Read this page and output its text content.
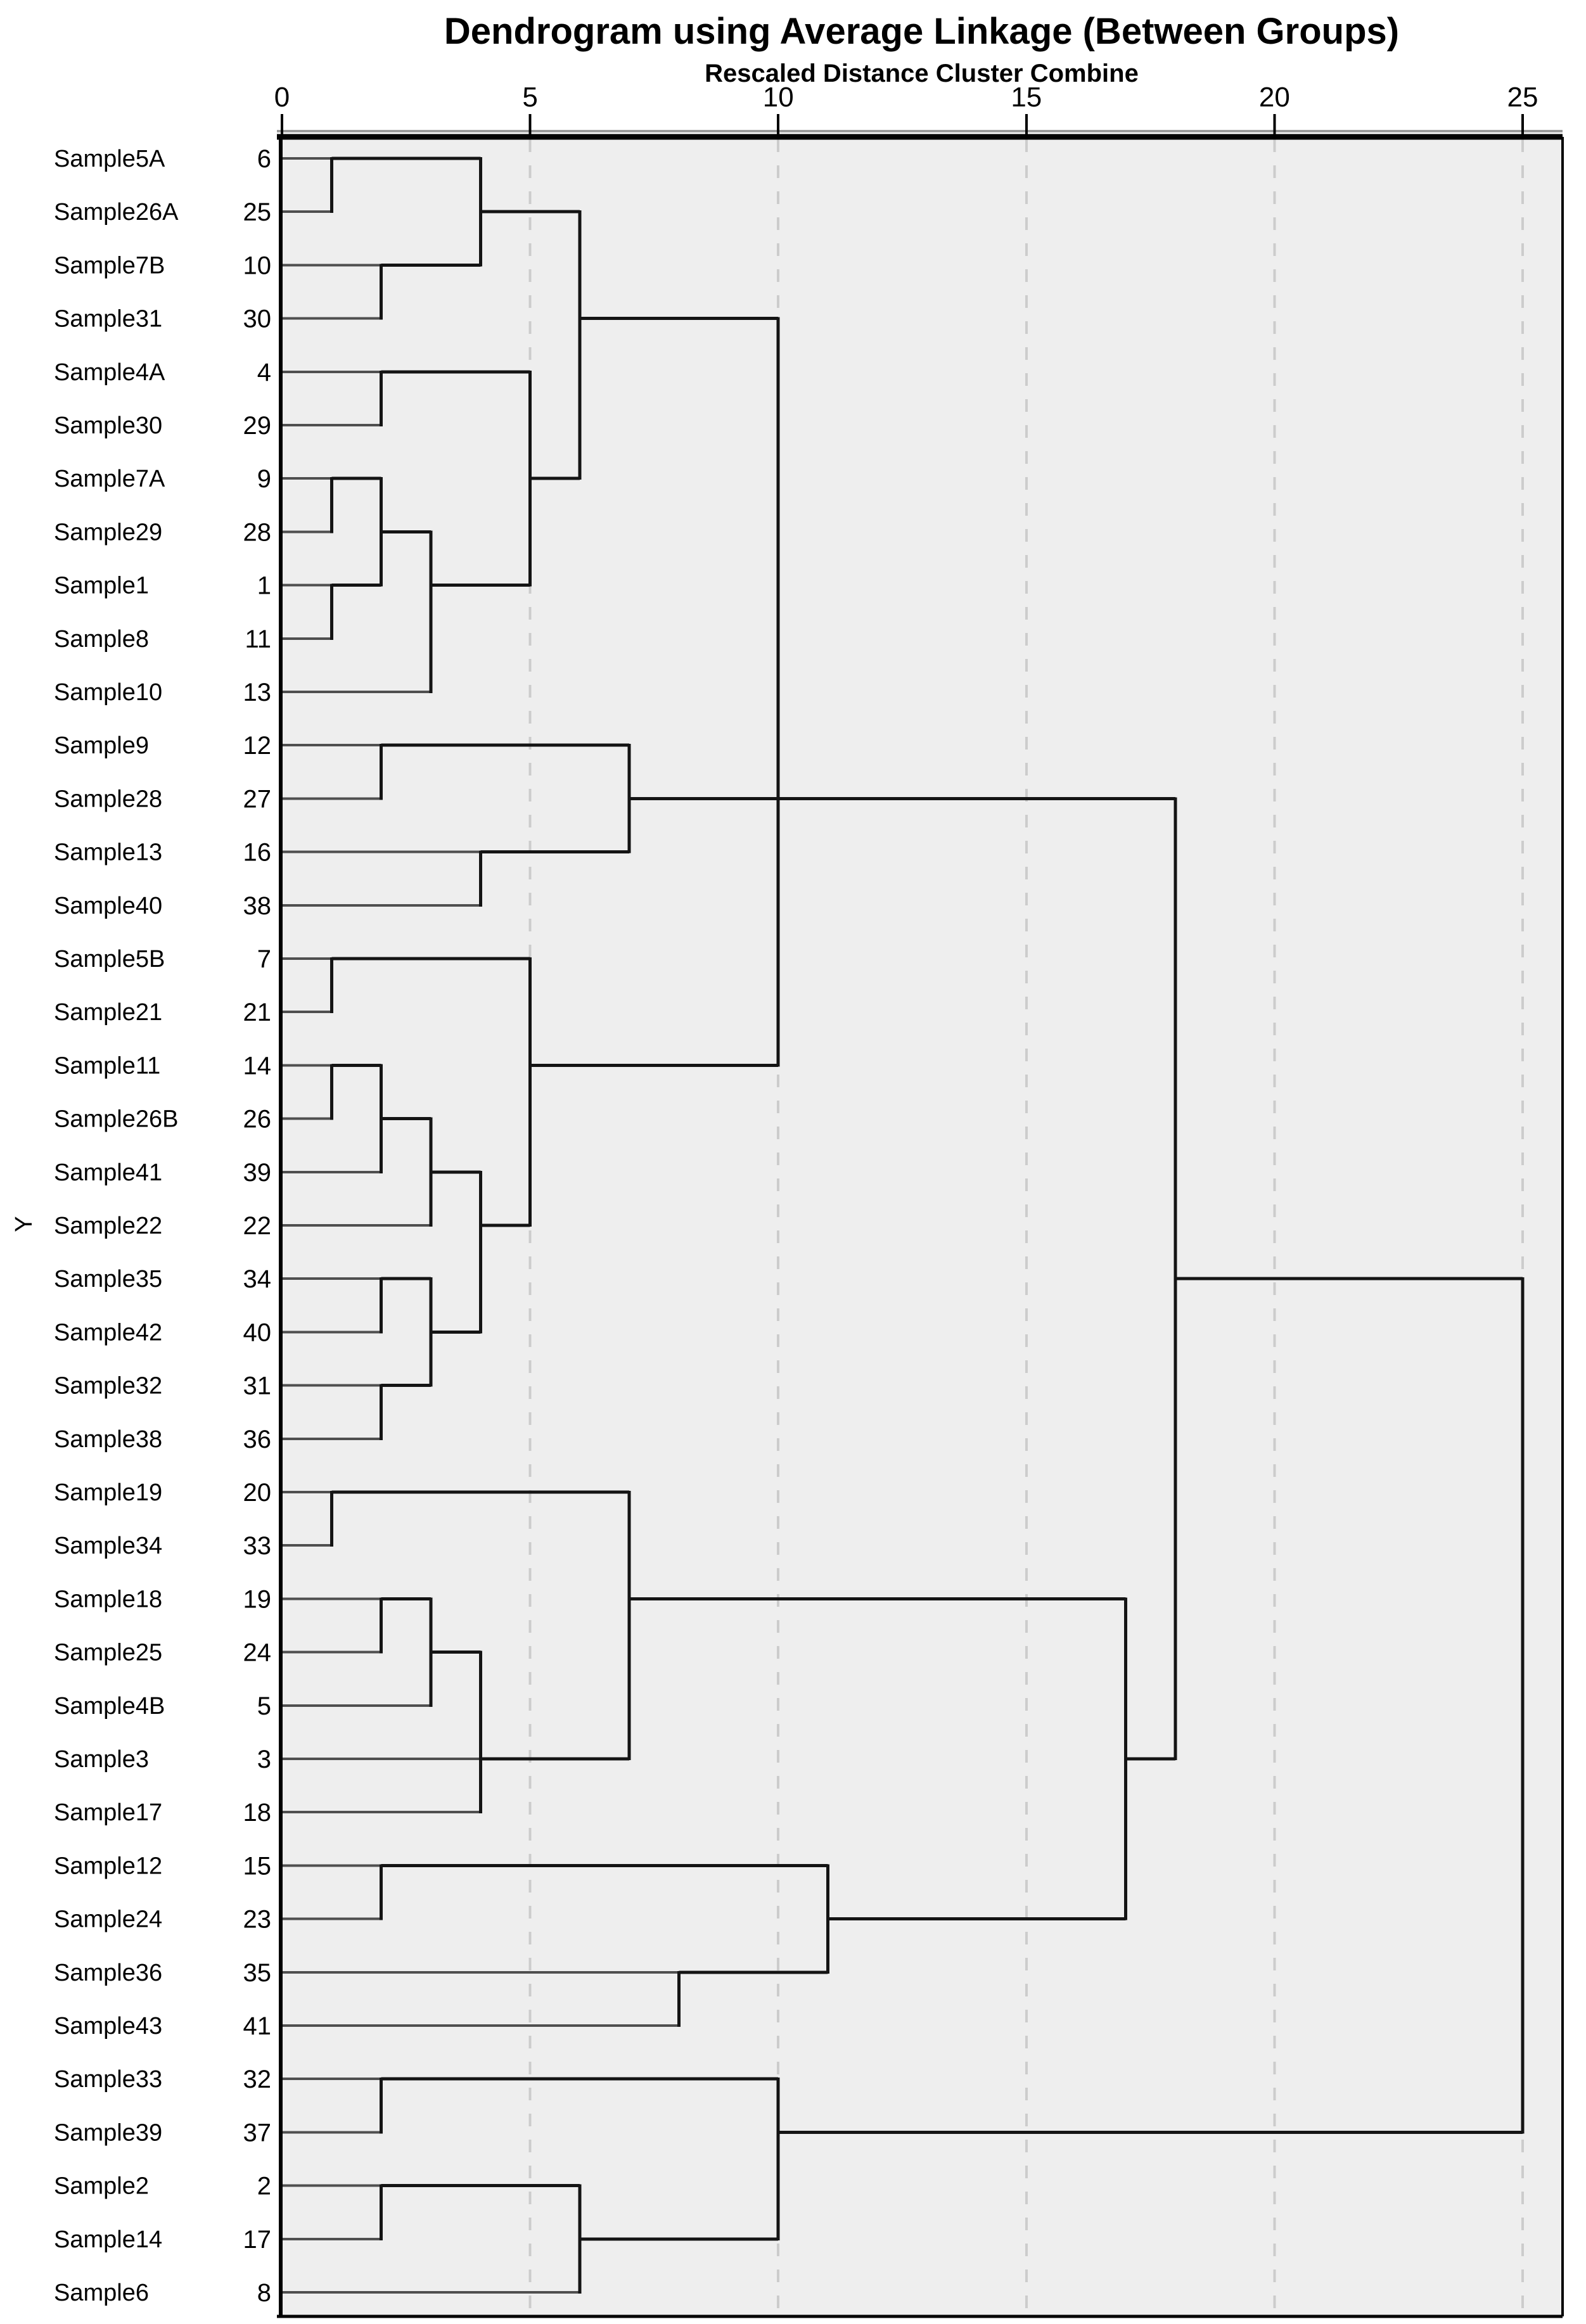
0	5	10	15	20	25
Sample5A	6
Sample26A	25
Sample7B	10
Sample31	30
Sample4A	4
Sample30	29
Sample7A	9
Sample29	28
Sample1	1
Sample8	11
Sample10	13
Sample9	12
Sample28	27
Sample13	16
Sample40	38
Sample5B	7
Sample21	21
Sample11	14
Sample26B	26
Sample41	39
Sample22	22
Sample35	34
Sample42	40
Sample32	31
Sample38	36
Sample19	20
Sample34	33
Sample18	19
Sample25	24
Sample4B	5
Sample3	3
Sample17	18
Sample12	15
Sample24	23
Sample36	35
Sample43	41
Sample33	32
Sample39	37
Sample2	2
Sample14	17
Sample6	8
Dendrogram using Average Linkage (Between Groups)
Rescaled Distance Cluster Combine
Y
